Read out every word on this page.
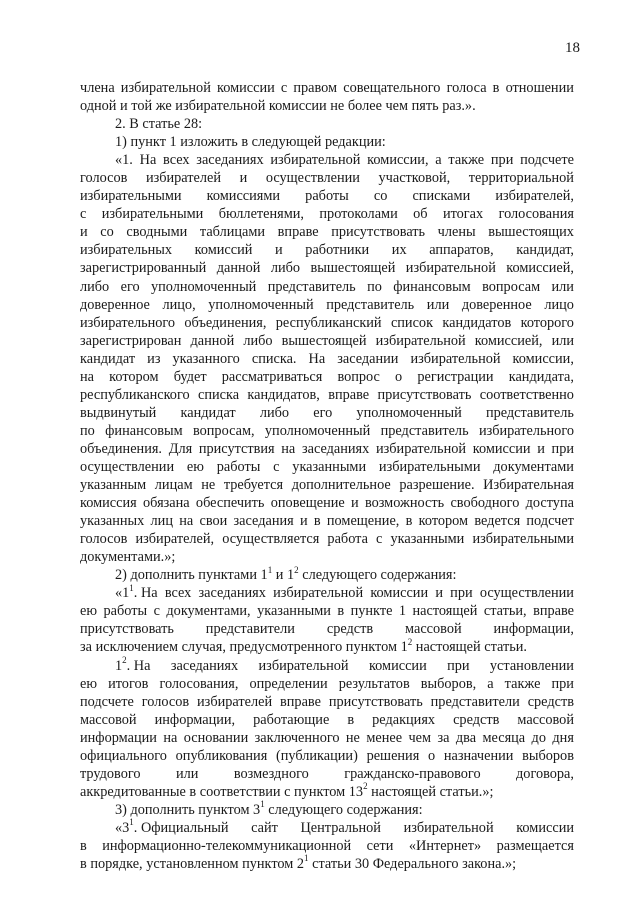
18
члена избирательной комиссии с правом совещательного голоса в отношении
одной и той же избирательной комиссии не более чем пять раз.».
2. В статье 28:
1) пункт 1 изложить в следующей редакции:
«1. На всех заседаниях избирательной комиссии, а также при подсчете
голосов избирателей и осуществлении участковой, территориальной
избирательными комиссиями работы со списками избирателей,
с избирательными бюллетенями, протоколами об итогах голосования
и со сводными таблицами вправе присутствовать члены вышестоящих
избирательных комиссий и работники их аппаратов, кандидат,
зарегистрированный данной либо вышестоящей избирательной комиссией,
либо его уполномоченный представитель по финансовым вопросам или
доверенное лицо, уполномоченный представитель или доверенное лицо
избирательного объединения, республиканский список кандидатов которого
зарегистрирован данной либо вышестоящей избирательной комиссией, или
кандидат из указанного списка. На заседании избирательной комиссии,
на котором будет рассматриваться вопрос о регистрации кандидата,
республиканского списка кандидатов, вправе присутствовать соответственно
выдвинутый кандидат либо его уполномоченный представитель
по финансовым вопросам, уполномоченный представитель избирательного
объединения. Для присутствия на заседаниях избирательной комиссии и при
осуществлении ею работы с указанными избирательными документами
указанным лицам не требуется дополнительное разрешение. Избирательная
комиссия обязана обеспечить оповещение и возможность свободного доступа
указанных лиц на свои заседания и в помещение, в котором ведется подсчет
голосов избирателей, осуществляется работа с указанными избирательными
документами.»;
2) дополнить пунктами $1^1$ и $1^2$ следующего содержания:
«$1^1$. На всех заседаниях избирательной комиссии и при осуществлении
ею работы с документами, указанными в пункте 1 настоящей статьи, вправе
присутствовать представители средств массовой информации,
за исключением случая, предусмотренного пунктом $1^2$ настоящей статьи.
$1^2$. На заседаниях избирательной комиссии при установлении
ею итогов голосования, определении результатов выборов, а также при
подсчете голосов избирателей вправе присутствовать представители средств
массовой информации, работающие в редакциях средств массовой
информации на основании заключенного не менее чем за два месяца до дня
официального опубликования (публикации) решения о назначении выборов
трудового или возмездного гражданско-правового договора,
аккредитованные в соответствии с пунктом $13^2$ настоящей статьи.»;
3) дополнить пунктом $3^1$ следующего содержания:
«$3^1$. Официальный сайт Центральной избирательной комиссии
в информационно-телекоммуникационной сети «Интернет» размещается
в порядке, установленном пунктом $2^1$ статьи 30 Федерального закона.»;
